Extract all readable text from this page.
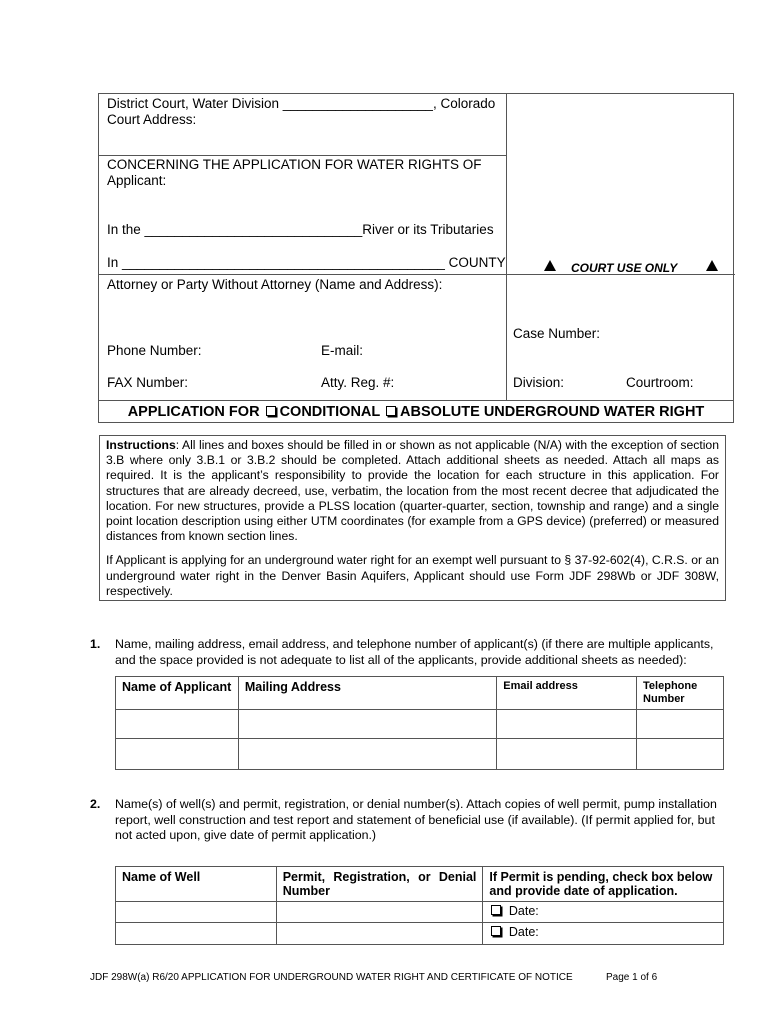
District Court, Water Division ____________________, Colorado
Court Address:
CONCERNING THE APPLICATION FOR WATER RIGHTS OF
Applicant:
In the _____________________________River or its Tributaries
In ___________________________________________ COUNTY	COURT USE ONLY
Attorney or Party Without Attorney (Name and Address):
Phone Number:	E-mail:
Case Number:
FAX Number:	Atty. Reg. #:	Division:	Courtroom:
APPLICATION FOR CONDITIONAL ABSOLUTE UNDERGROUND WATER RIGHT

Instructions: All lines and boxes should be filled in or shown as not applicable (N/A) with the exception of section 3.B where only 3.B.1 or 3.B.2 should be completed. Attach additional sheets as needed. Attach all maps as required. It is the applicant’s responsibility to provide the location for each structure in this application. For structures that are already decreed, use, verbatim, the location from the most recent decree that adjudicated the location. For new structures, provide a PLSS location (quarter-quarter, section, township and range) and a single point location description using either UTM coordinates (for example from a GPS device) (preferred) or measured distances from known section lines.

If Applicant is applying for an underground water right for an exempt well pursuant to § 37-92-602(4), C.R.S. or an underground water right in the Denver Basin Aquifers, Applicant should use Form JDF 298Wb or JDF 308W, respectively.

1. Name, mailing address, email address, and telephone number of applicant(s) (if there are multiple applicants, and the space provided is not adequate to list all of the applicants, provide additional sheets as needed):
Name of Applicant	Mailing Address	Email address	Telephone Number

2. Name(s) of well(s) and permit, registration, or denial number(s). Attach copies of well permit, pump installation report, well construction and test report and statement of beneficial use (if available). (If permit applied for, but not acted upon, give date of permit application.)
Name of Well	Permit, Registration, or Denial Number	If Permit is pending, check box below and provide date of application.
		Date:
		Date:
JDF 298W(a) R6/20 APPLICATION FOR UNDERGROUND WATER RIGHT AND CERTIFICATE OF NOTICE	Page 1 of 6
